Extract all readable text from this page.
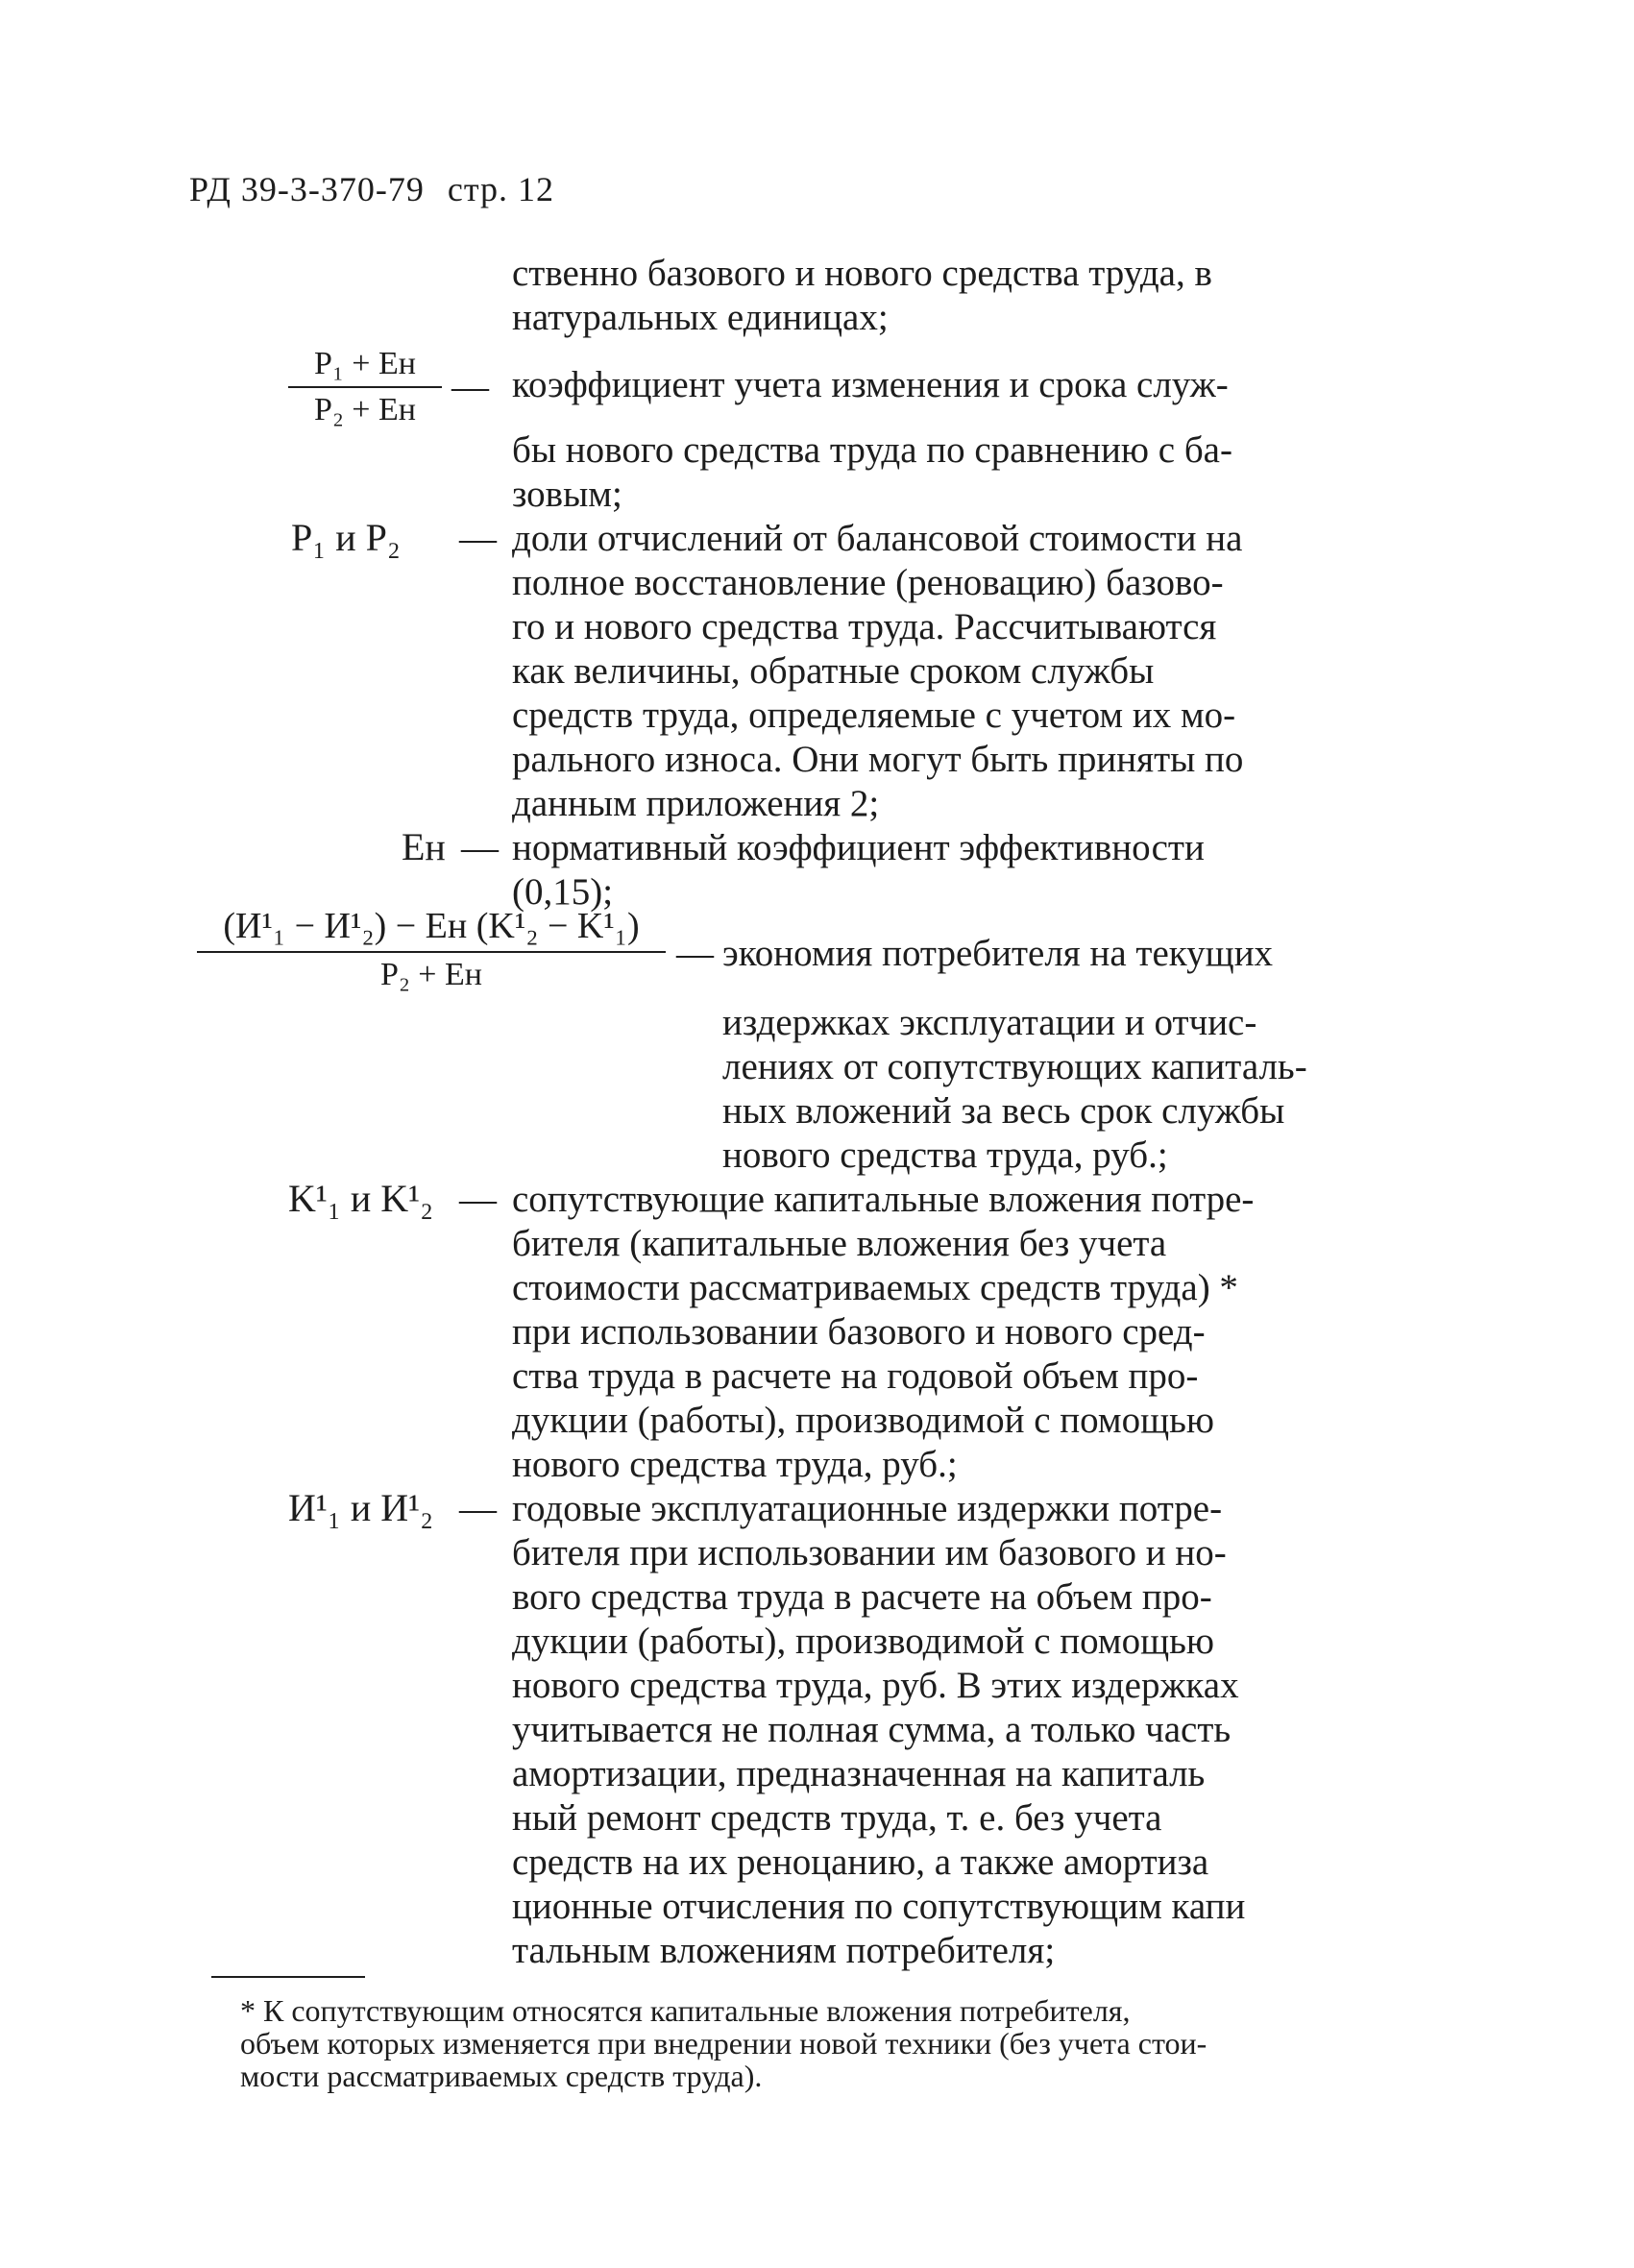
РД 39-3-370-79 стр. 12
ственно базового и нового средства труда, в
натуральных единицах;
P₁ + Eн
P₂ + Eн
— коэффициент учета изменения и срока служ-
бы нового средства труда по сравнению с ба-
зовым;
P₁ и P₂ — доли отчислений от балансовой стоимости на
полное восстановление (реновацию) базово-
го и нового средства труда. Рассчитываются
как величины, обратные сроком службы
средств труда, определяемые с учетом их мо-
рального износа. Они могут быть приняты по
данным приложения 2;
Eн — нормативный коэффициент эффективности
(0,15);
(И¹₁ − И¹₂) − Eн (K¹₂ − K¹₁)
P₂ + Eн
— экономия потребителя на текущих
издержках эксплуатации и отчис-
лениях от сопутствующих капиталь-
ных вложений за весь срок службы
нового средства труда, руб.;
K¹₁ и K¹₂ — сопутствующие капитальные вложения потре-
бителя (капитальные вложения без учета
стоимости рассматриваемых средств труда) *
при использовании базового и нового сред-
ства труда в расчете на годовой объем про-
дукции (работы), производимой с помощью
нового средства труда, руб.;
И¹₁ и И¹₂ — годовые эксплуатационные издержки потре-
бителя при использовании им базового и но-
вого средства труда в расчете на объем про-
дукции (работы), производимой с помощью
нового средства труда, руб. В этих издержках
учитывается не полная сумма, а только часть
амортизации, предназначенная на капиталь
ный ремонт средств труда, т. е. без учета
средств на их реноцанию, а также амортиза
ционные отчисления по сопутствующим капи
тальным вложениям потребителя;
* К сопутствующим относятся капитальные вложения потребителя,
объем которых изменяется при внедрении новой техники (без учета стои-
мости рассматриваемых средств труда).
